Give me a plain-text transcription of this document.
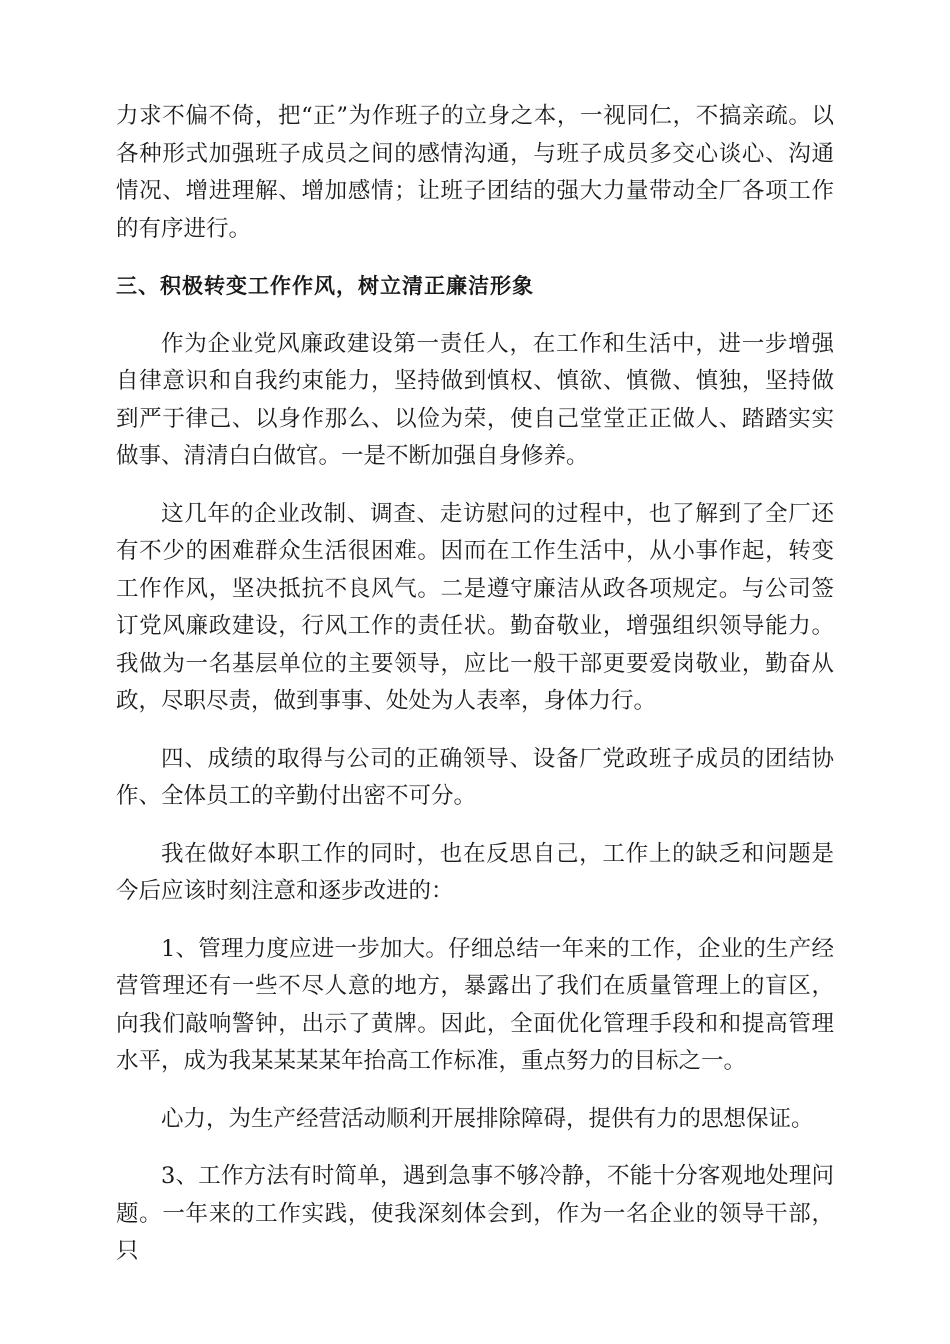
力求不偏不倚，把“正”为作班子的立身之本，一视同仁，不搞亲疏。以各种形式加强班子成员之间的感情沟通，与班子成员多交心谈心、沟通情况、增进理解、增加感情；让班子团结的强大力量带动全厂各项工作的有序进行。

三、积极转变工作作风，树立清正廉洁形象

作为企业党风廉政建设第一责任人，在工作和生活中，进一步增强自律意识和自我约束能力，坚持做到慎权、慎欲、慎微、慎独，坚持做到严于律己、以身作那么、以俭为荣，使自己堂堂正正做人、踏踏实实做事、清清白白做官。一是不断加强自身修养。

这几年的企业改制、调查、走访慰问的过程中，也了解到了全厂还有不少的困难群众生活很困难。因而在工作生活中，从小事作起，转变工作作风，坚决抵抗不良风气。二是遵守廉洁从政各项规定。与公司签订党风廉政建设，行风工作的责任状。勤奋敬业，增强组织领导能力。我做为一名基层单位的主要领导，应比一般干部更要爱岗敬业，勤奋从政，尽职尽责，做到事事、处处为人表率，身体力行。

四、成绩的取得与公司的正确领导、设备厂党政班子成员的团结协作、全体员工的辛勤付出密不可分。

我在做好本职工作的同时，也在反思自己，工作上的缺乏和问题是今后应该时刻注意和逐步改进的：

1、管理力度应进一步加大。仔细总结一年来的工作，企业的生产经营管理还有一些不尽人意的地方，暴露出了我们在质量管理上的盲区，向我们敲响警钟，出示了黄牌。因此，全面优化管理手段和和提高管理水平，成为我某某某某年抬高工作标准，重点努力的目标之一。

心力，为生产经营活动顺利开展排除障碍，提供有力的思想保证。

3、工作方法有时简单，遇到急事不够冷静，不能十分客观地处理问题。一年来的工作实践，使我深刻体会到，作为一名企业的领导干部，只
